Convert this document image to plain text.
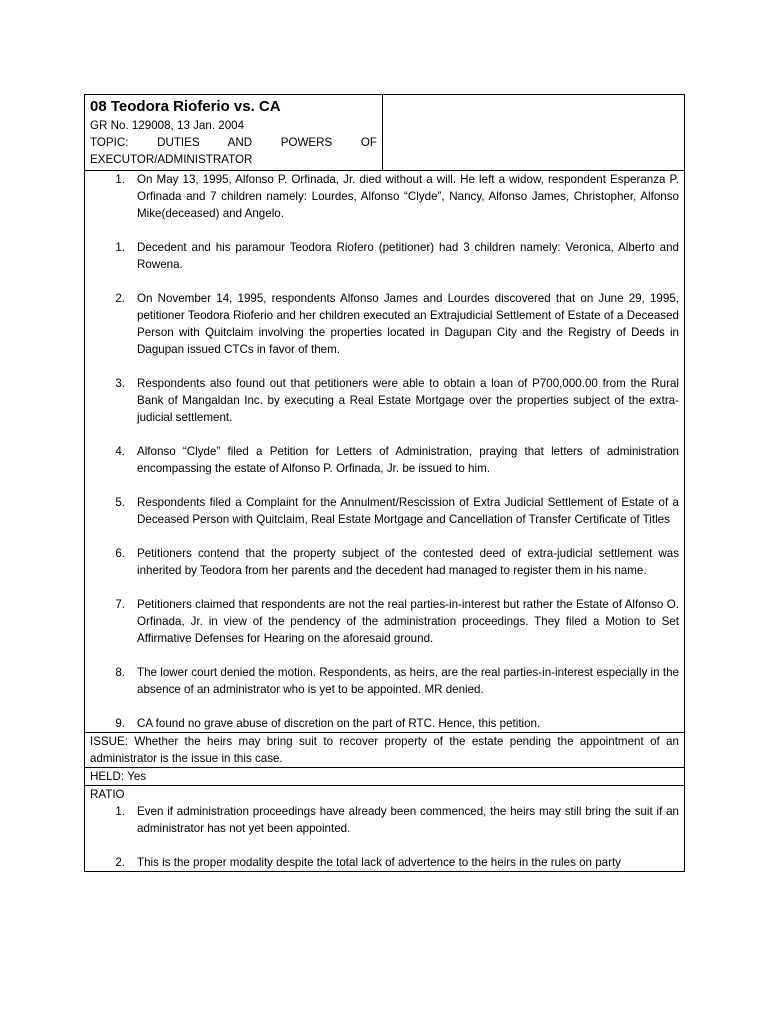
08 Teodora Rioferio vs. CA

GR No. 129008, 13 Jan. 2004

TOPIC: DUTIES AND POWERS OF

EXECUTOR/ADMINISTRATOR

1.	On May 13, 1995, Alfonso P. Orfinada, Jr. died without a will. He left a widow, respondent Esperanza P. Orfinada and 7 children namely: Lourdes, Alfonso “Clyde”, Nancy, Alfonso James, Christopher, Alfonso Mike(deceased) and Angelo.
1.	Decedent and his paramour Teodora Riofero (petitioner) had 3 children namely: Veronica, Alberto and Rowena.
2.	On November 14, 1995, respondents Alfonso James and Lourdes discovered that on June 29, 1995, petitioner Teodora Rioferio and her children executed an Extrajudicial Settlement of Estate of a Deceased Person with Quitclaim involving the properties located in Dagupan City and the Registry of Deeds in Dagupan issued CTCs in favor of them.
3.	Respondents also found out that petitioners were able to obtain a loan of P700,000.00 from the Rural Bank of Mangaldan Inc. by executing a Real Estate Mortgage over the properties subject of the extra-judicial settlement.
4.	Alfonso “Clyde” filed a Petition for Letters of Administration, praying that letters of administration encompassing the estate of Alfonso P. Orfinada, Jr. be issued to him.
5.	Respondents filed a Complaint for the Annulment/Rescission of Extra Judicial Settlement of Estate of a Deceased Person with Quitclaim, Real Estate Mortgage and Cancellation of Transfer Certificate of Titles
6.	Petitioners contend that the property subject of the contested deed of extra-judicial settlement was inherited by Teodora from her parents and the decedent had managed to register them in his name.
7.	Petitioners claimed that respondents are not the real parties-in-interest but rather the Estate of Alfonso O. Orfinada, Jr. in view of the pendency of the administration proceedings. They filed a Motion to Set Affirmative Defenses for Hearing on the aforesaid ground.
8.	The lower court denied the motion. Respondents, as heirs, are the real parties-in-interest especially in the absence of an administrator who is yet to be appointed. MR denied.
9.	CA found no grave abuse of discretion on the part of RTC. Hence, this petition.
ISSUE: Whether the heirs may bring suit to recover property of the estate pending the appointment of an administrator is the issue in this case.
HELD: Yes

RATIO

1.	Even if administration proceedings have already been commenced, the heirs may still bring the suit if an administrator has not yet been appointed.
2.	This is the proper modality despite the total lack of advertence to the heirs in the rules on party
